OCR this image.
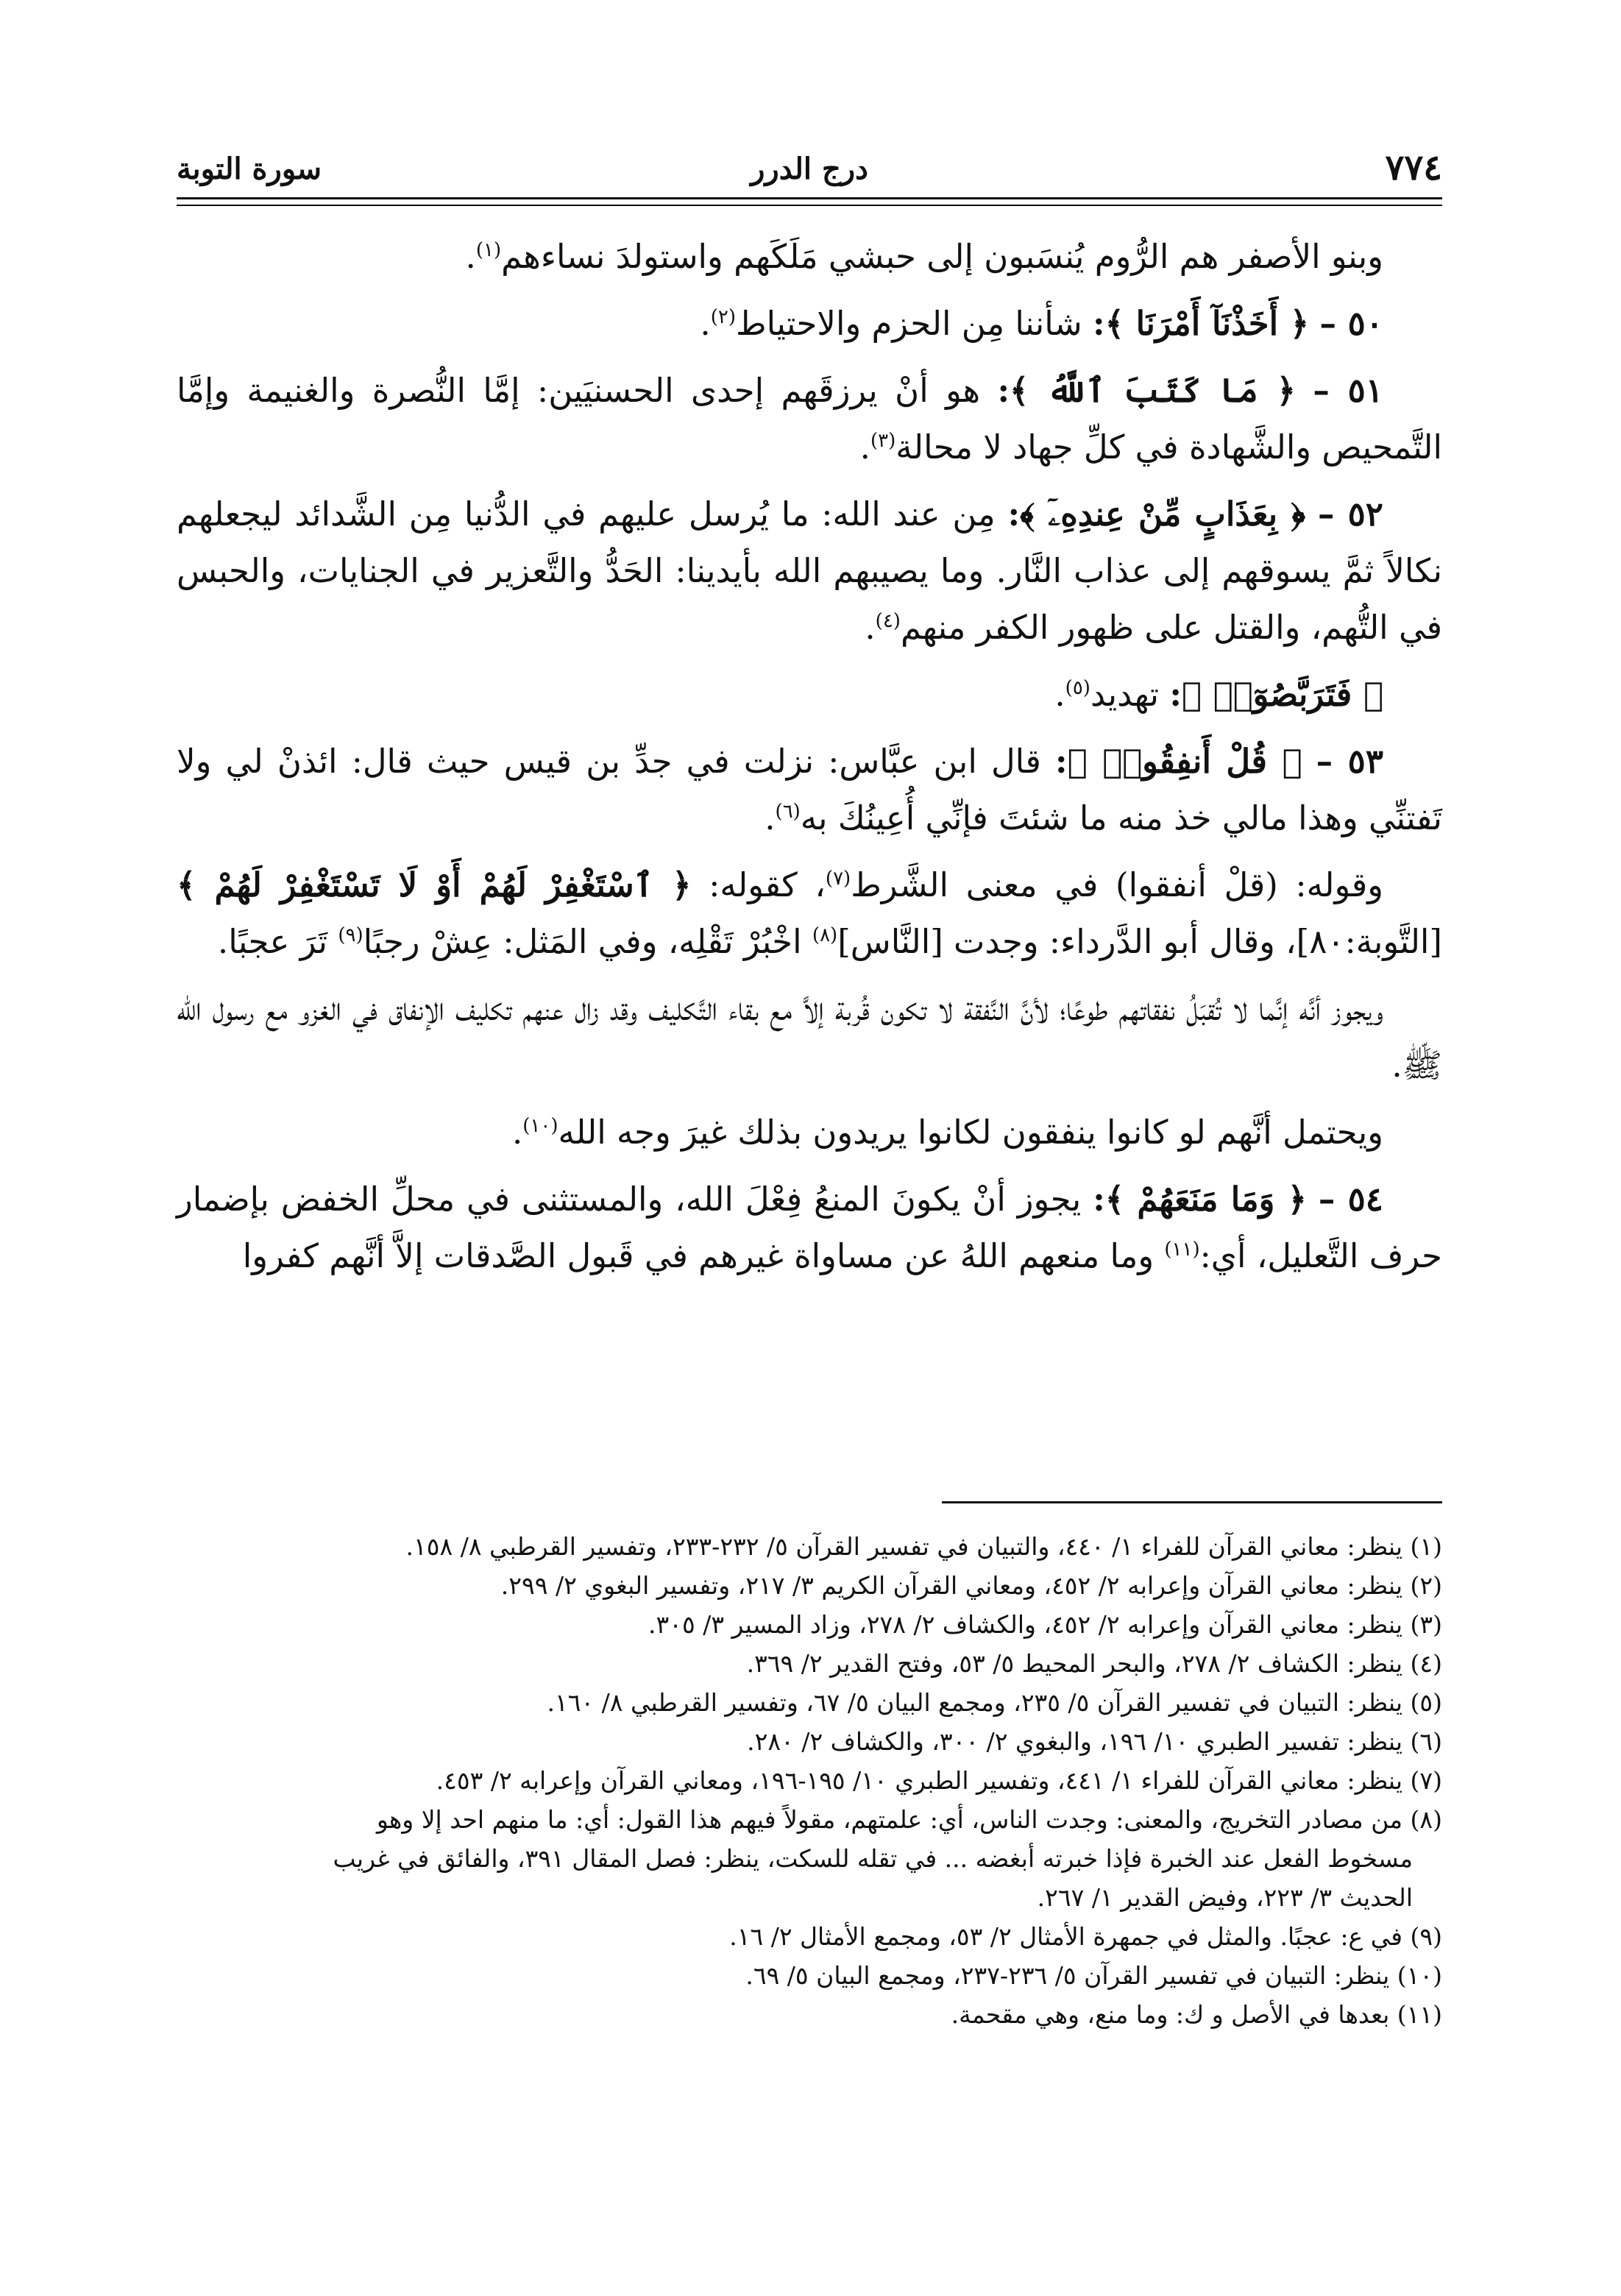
٧٧٤
درج الدرر
سورة التوبة

وبنو الأصفر هم الرُّوم يُنسَبون إلى حبشي مَلَكَهم واستولدَ نساءهم$^{(١)}$.

٥٠ – ﴿ أَخَذْنَآ أَمْرَنَا ﴾: شأننا مِن الحزم والاحتياط$^{(٢)}$.

٥١ – ﴿ مَا كَتَبَ ٱللَّهُ ﴾: هو أنْ يرزقَهم إحدى الحسنيَين: إمَّا النُّصرة والغنيمة وإمَّا التَّمحيص والشَّهادة في كلِّ جهاد لا محالة$^{(٣)}$.

٥٢ – ﴿ بِعَذَابٍ مِّنْ عِندِهِۦٓ ﴾: مِن عند الله: ما يُرسل عليهم في الدُّنيا مِن الشَّدائد ليجعلهم نكالاً ثمَّ يسوقهم إلى عذاب النَّار. وما يصيبهم الله بأيدينا: الحَدُّ والتَّعزير في الجنايات، والحبس في التُّهم، والقتل على ظهور الكفر منهم$^{(٤)}$.

﴿ فَتَرَبَّصُوٓا۟ ﴾: تهديد$^{(٥)}$.

٥٣ – ﴿ قُلْ أَنفِقُوا۟ ﴾: قال ابن عبَّاس: نزلت في جدِّ بن قيس حيث قال: ائذنْ لي ولا تَفتنِّي وهذا مالي خذ منه ما شئتَ فإنِّي أُعِينُكَ به$^{(٦)}$.

وقوله: (قلْ أنفقوا) في معنى الشَّرط$^{(٧)}$، كقوله: ﴿ ٱسْتَغْفِرْ لَهُمْ أَوْ لَا تَسْتَغْفِرْ لَهُمْ ﴾ [التَّوبة:٨٠]، وقال أبو الدَّرداء: وجدت [النَّاس]$^{(٨)}$ اخْبُرْ تَقْلِه، وفي المَثل: عِشْ رجبًا$^{(٩)}$ تَرَ عجبًا.

ويجوز أنَّه إنَّما لا تُقبَلُ نفقاتهم طوعًا؛ لأنَّ النَّفقة لا تكون قُربة إلاَّ مع بقاء التَّكليف وقد زال عنهم تكليف الإنفاق في الغزو مع رسول الله ﷺ.

ويحتمل أنَّهم لو كانوا ينفقون لكانوا يريدون بذلك غيرَ وجه الله$^{(١٠)}$.

٥٤ – ﴿ وَمَا مَنَعَهُمْ ﴾: يجوز أنْ يكونَ المنعُ فِعْلَ الله، والمستثنى في محلِّ الخفض بإضمار حرف التَّعليل، أي:$^{(١١)}$ وما منعهم اللهُ عن مساواة غيرهم في قَبول الصَّدقات إلاَّ أنَّهم كفروا

(١) ينظر: معاني القرآن للفراء ١/ ٤٤٠، والتبيان في تفسير القرآن ٥/ ٢٣٢-٢٣٣، وتفسير القرطبي ٨/ ١٥٨.

(٢) ينظر: معاني القرآن وإعرابه ٢/ ٤٥٢، ومعاني القرآن الكريم ٣/ ٢١٧، وتفسير البغوي ٢/ ٢٩٩.

(٣) ينظر: معاني القرآن وإعرابه ٢/ ٤٥٢، والكشاف ٢/ ٢٧٨، وزاد المسير ٣/ ٣٠٥.

(٤) ينظر: الكشاف ٢/ ٢٧٨، والبحر المحيط ٥/ ٥٣، وفتح القدير ٢/ ٣٦٩.

(٥) ينظر: التبيان في تفسير القرآن ٥/ ٢٣٥، ومجمع البيان ٥/ ٦٧، وتفسير القرطبي ٨/ ١٦٠.

(٦) ينظر: تفسير الطبري ١٠/ ١٩٦، والبغوي ٢/ ٣٠٠، والكشاف ٢/ ٢٨٠.

(٧) ينظر: معاني القرآن للفراء ١/ ٤٤١، وتفسير الطبري ١٠/ ١٩٥-١٩٦، ومعاني القرآن وإعرابه ٢/ ٤٥٣.

(٨) من مصادر التخريج، والمعنى: وجدت الناس، أي: علمتهم، مقولاً فيهم هذا القول: أي: ما منهم احد إلا وهو

مسخوط الفعل عند الخبرة فإذا خبرته أبغضه ... في تقله للسكت، ينظر: فصل المقال ٣٩١، والفائق في غريب

الحديث ٣/ ٢٢٣، وفيض القدير ١/ ٢٦٧.

(٩) في ع: عجبًا. والمثل في جمهرة الأمثال ٢/ ٥٣، ومجمع الأمثال ٢/ ١٦.

(١٠) ينظر: التبيان في تفسير القرآن ٥/ ٢٣٦-٢٣٧، ومجمع البيان ٥/ ٦٩.

(١١) بعدها في الأصل و ك: وما منع، وهي مقحمة.
